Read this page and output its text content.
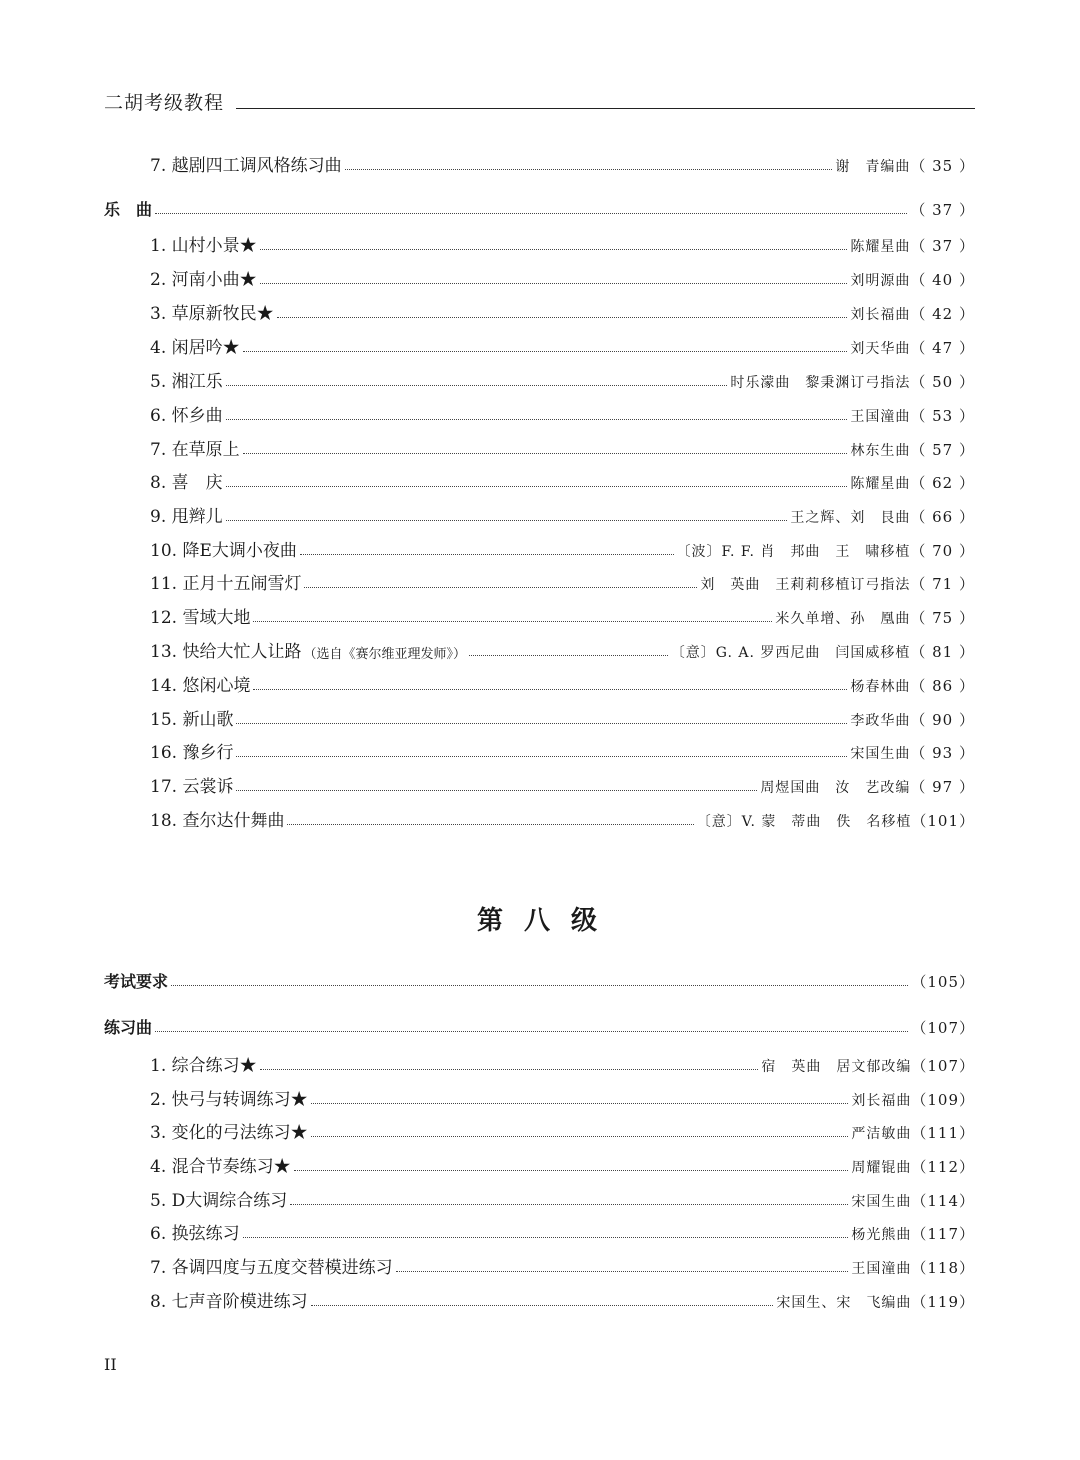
二胡考级教程
7. 越剧四工调风格练习曲	谢　青编曲 （ 35 ）
乐　曲	（ 37 ）
1. 山村小景★	陈耀星曲 （ 37 ）
2. 河南小曲★	刘明源曲 （ 40 ）
3. 草原新牧民★	刘长福曲 （ 42 ）
4. 闲居吟★	刘天华曲 （ 47 ）
5. 湘江乐	时乐濛曲　黎秉渊订弓指法 （ 50 ）
6. 怀乡曲	王国潼曲 （ 53 ）
7. 在草原上	林东生曲 （ 57 ）
8. 喜　庆	陈耀星曲 （ 62 ）
9. 甩辫儿	王之辉、刘　艮曲 （ 66 ）
10. 降E大调小夜曲	〔波〕F. F. 肖　邦曲　王　啸移植 （ 70 ）
11. 正月十五闹雪灯	刘　英曲　王莉莉移植订弓指法 （ 71 ）
12. 雪域大地	米久单增、孙　凰曲 （ 75 ）
13. 快给大忙人让路 （选自《赛尔维亚理发师》）	〔意〕G. A. 罗西尼曲　闫国威移植 （ 81 ）
14. 悠闲心境	杨春林曲 （ 86 ）
15. 新山歌	李政华曲 （ 90 ）
16. 豫乡行	宋国生曲 （ 93 ）
17. 云裳诉	周煜国曲　汝　艺改编 （ 97 ）
18. 查尔达什舞曲	〔意〕V. 蒙　蒂曲　佚　名移植 （101）
考试要求	（105）
练习曲	（107）
1. 综合练习★	宿　英曲　居文郁改编 （107）
2. 快弓与转调练习★	刘长福曲 （109）
3. 变化的弓法练习★	严洁敏曲 （111）
4. 混合节奏练习★	周耀锟曲 （112）
5. D大调综合练习	宋国生曲 （114）
6. 换弦练习	杨光熊曲 （117）
7. 各调四度与五度交替模进练习	王国潼曲 （118）
8. 七声音阶模进练习	宋国生、宋　飞编曲 （119）
第 八 级
II
